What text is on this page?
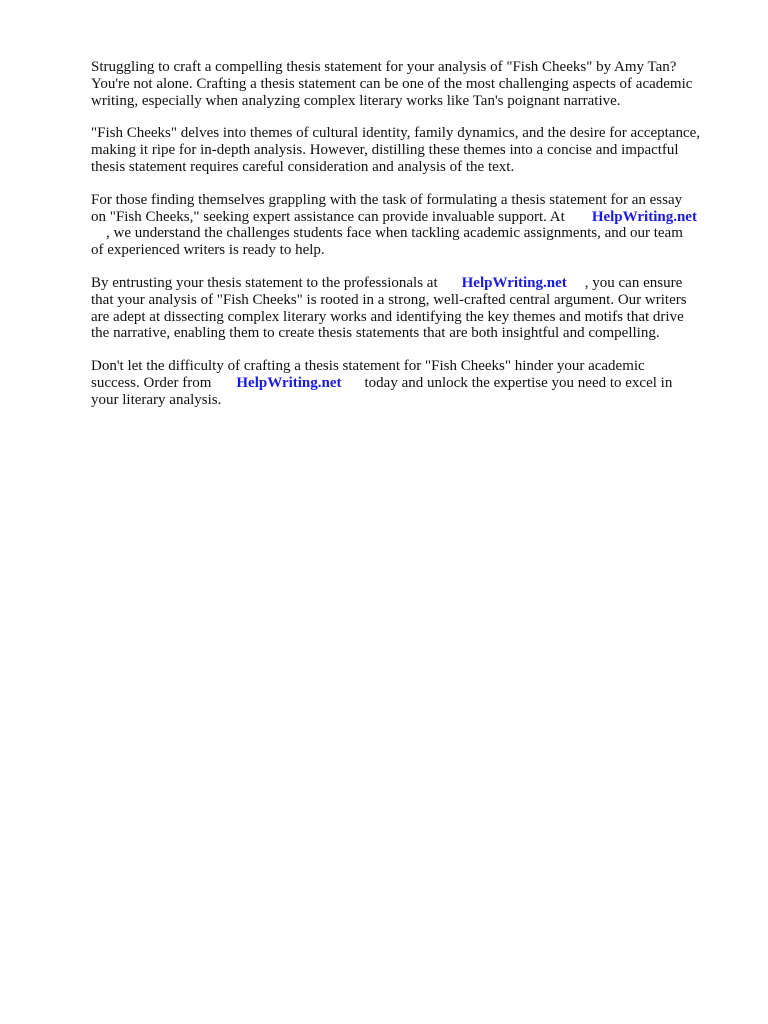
Struggling to craft a compelling thesis statement for your analysis of "Fish Cheeks" by Amy Tan?
You're not alone. Crafting a thesis statement can be one of the most challenging aspects of academic
writing, especially when analyzing complex literary works like Tan's poignant narrative.

"Fish Cheeks" delves into themes of cultural identity, family dynamics, and the desire for acceptance,
making it ripe for in-depth analysis. However, distilling these themes into a concise and impactful
thesis statement requires careful consideration and analysis of the text.

For those finding themselves grappling with the task of formulating a thesis statement for an essay
on "Fish Cheeks," seeking expert assistance can provide invaluable support. At HelpWriting.net
, we understand the challenges students face when tackling academic assignments, and our team
of experienced writers is ready to help.

By entrusting your thesis statement to the professionals at HelpWriting.net , you can ensure
that your analysis of "Fish Cheeks" is rooted in a strong, well-crafted central argument. Our writers
are adept at dissecting complex literary works and identifying the key themes and motifs that drive
the narrative, enabling them to create thesis statements that are both insightful and compelling.

Don't let the difficulty of crafting a thesis statement for "Fish Cheeks" hinder your academic
success. Order from HelpWriting.net today and unlock the expertise you need to excel in
your literary analysis.
